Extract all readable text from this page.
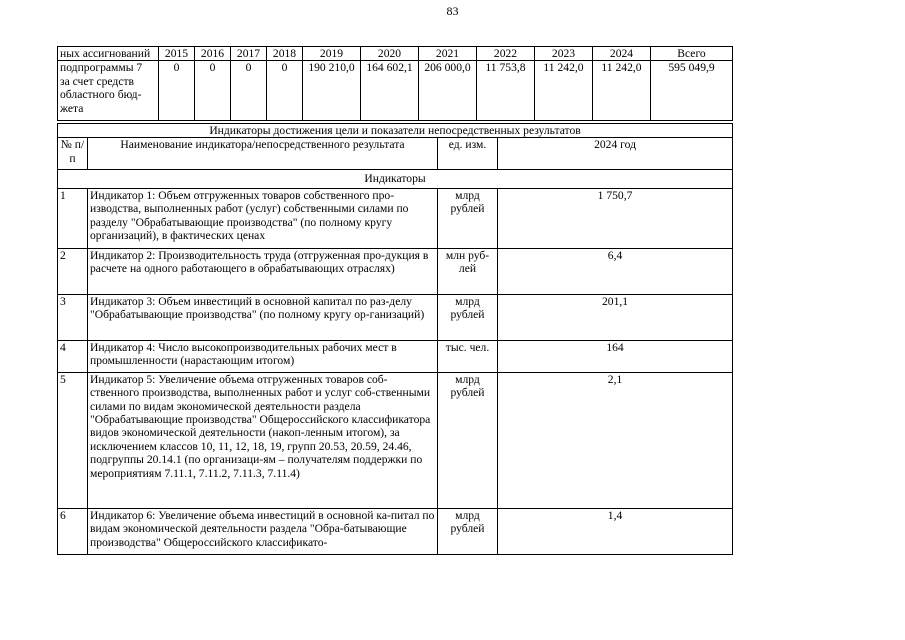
83
ных ассигнований	2015	2016	2017	2018	2019	2020	2021	2022	2023	2024	Всего

подпрограммы 7
за счет средств
областного бюд-
жета	0	0	0	0	190 210,0	164 602,1	206 000,0	11 753,8	11 242,0	11 242,0	595 049,9
Индикаторы достижения цели и показатели непосредственных результатов			
№ п/п	Наименование индикатора/непосредственного результата	ед. изм.	2024 год
Индикаторы			
1	Индикатор 1: Объем отгруженных товаров собственного про-изводства, выполненных работ (услуг) собственными силами по разделу "Обрабатывающие производства" (по полному кругу организаций), в фактических ценах	млрд рублей	1 750,7
2	Индикатор 2: Производительность труда (отгруженная про-дукция в расчете на одного работающего в обрабатывающих отраслях)	млн руб-лей	6,4
3	Индикатор 3: Объем инвестиций в основной капитал по раз-делу "Обрабатывающие производства" (по полному кругу ор-ганизаций)	млрд рублей	201,1
4	Индикатор 4: Число высокопроизводительных рабочих мест в промышленности (нарастающим итогом)	тыс. чел.	164
5	Индикатор 5: Увеличение объема отгруженных товаров соб-ственного производства, выполненных работ и услуг соб-ственными силами по видам экономической деятельности раздела "Обрабатывающие производства" Общероссийского классификатора видов экономической деятельности (накоп-ленным итогом), за исключением классов 10, 11, 12, 18, 19, групп 20.53, 20.59, 24.46, подгруппы 20.14.1 (по организаци-ям – получателям поддержки по мероприятиям 7.11.1, 7.11.2, 7.11.3, 7.11.4)	млрд рублей	2,1
6	Индикатор 6: Увеличение объема инвестиций в основной ка-питал по видам экономической деятельности раздела "Обра-батывающие производства" Общероссийского классификато-	млрд рублей	1,4
